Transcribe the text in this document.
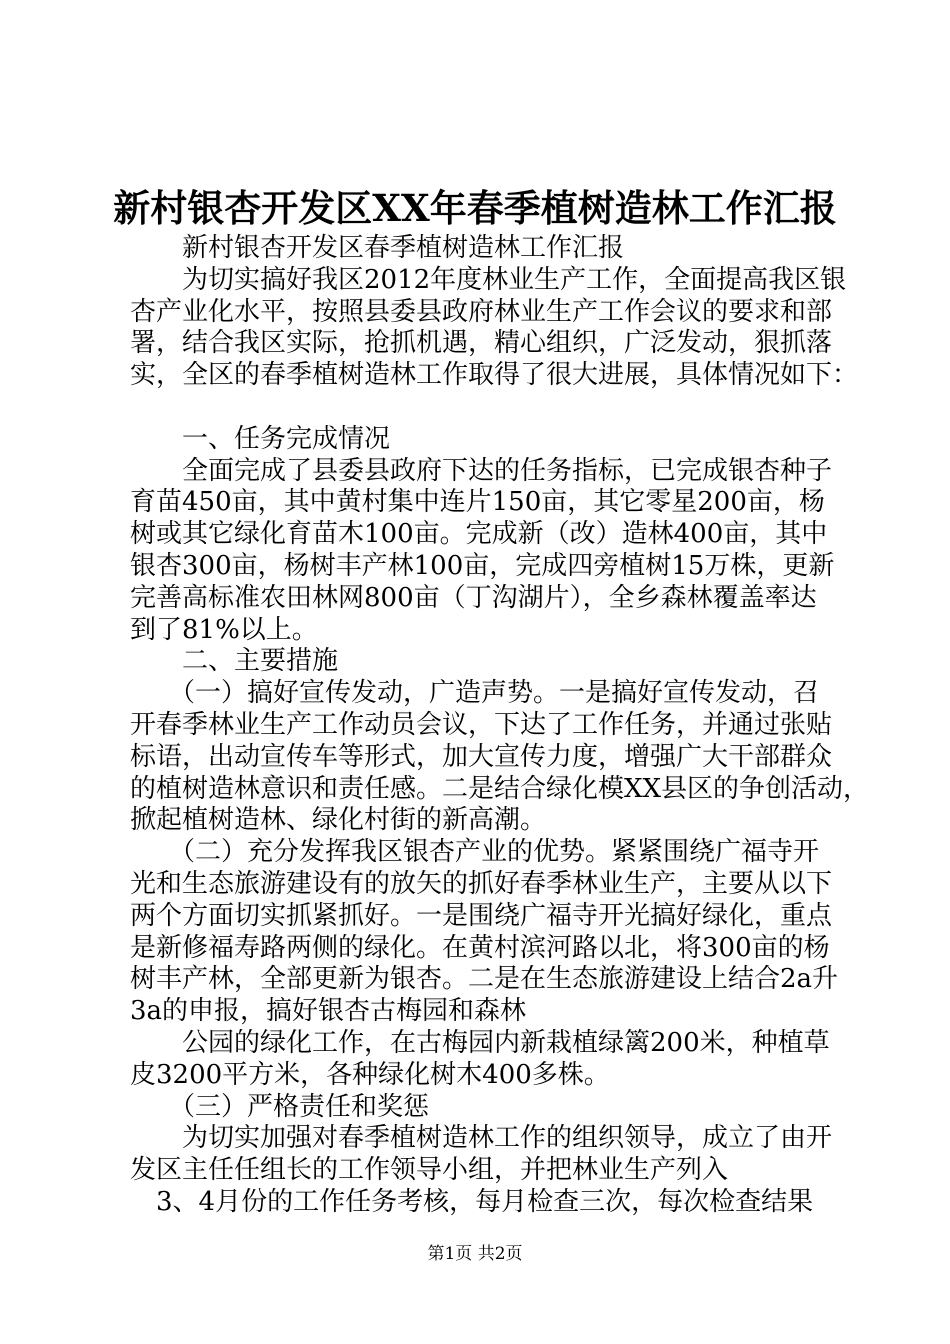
新村银杏开发区XX年春季植树造林工作汇报
　　新村银杏开发区春季植树造林工作汇报
　　为切实搞好我区2012年度林业生产工作，全面提高我区银
杏产业化水平，按照县委县政府林业生产工作会议的要求和部
署，结合我区实际，抢抓机遇，精心组织，广泛发动，狠抓落
实，全区的春季植树造林工作取得了很大进展，具体情况如下：
　　一、任务完成情况
　　全面完成了县委县政府下达的任务指标，已完成银杏种子
育苗450亩，其中黄村集中连片150亩，其它零星200亩，杨
树或其它绿化育苗木100亩。完成新（改）造林400亩，其中
银杏300亩，杨树丰产林100亩，完成四旁植树15万株，更新
完善高标准农田林网800亩（丁沟湖片），全乡森林覆盖率达
到了81%以上。
　　二、主要措施
　　（一）搞好宣传发动，广造声势。一是搞好宣传发动，召
开春季林业生产工作动员会议，下达了工作任务，并通过张贴
标语，出动宣传车等形式，加大宣传力度，增强广大干部群众
的植树造林意识和责任感。二是结合绿化模XX县区的争创活动，
掀起植树造林、绿化村街的新高潮。
　　（二）充分发挥我区银杏产业的优势。紧紧围绕广福寺开
光和生态旅游建设有的放矢的抓好春季林业生产，主要从以下
两个方面切实抓紧抓好。一是围绕广福寺开光搞好绿化，重点
是新修福寿路两侧的绿化。在黄村滨河路以北，将300亩的杨
树丰产林，全部更新为银杏。二是在生态旅游建设上结合2a升
3a的申报，搞好银杏古梅园和森林
　　公园的绿化工作，在古梅园内新栽植绿篱200米，种植草
皮3200平方米，各种绿化树木400多株。
　　（三）严格责任和奖惩
　　为切实加强对春季植树造林工作的组织领导，成立了由开
发区主任任组长的工作领导小组，并把林业生产列入
　3、4月份的工作任务考核，每月检查三次，每次检查结果
第1页 共2页
